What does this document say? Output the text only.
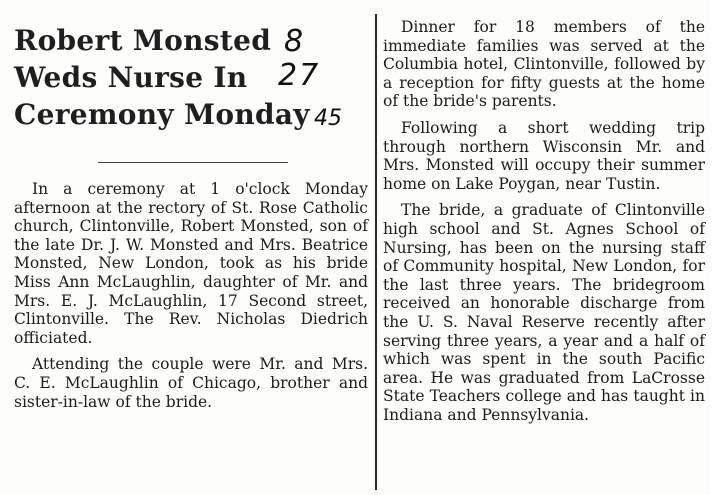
Robert Monsted
Weds Nurse In
Ceremony Monday
8
27
45

In a ceremony at 1 o'clock Monday afternoon at the rectory of St. Rose Catholic church, Clintonville, Robert Monsted, son of the late Dr. J. W. Monsted and Mrs. Beatrice Monsted, New London, took as his bride Miss Ann McLaughlin, daughter of Mr. and Mrs. E. J. McLaughlin, 17 Second street, Clintonville. The Rev. Nicholas Diedrich officiated.

Attending the couple were Mr. and Mrs. C. E. McLaughlin of Chicago, brother and sister-in-law of the bride.

Dinner for 18 members of the immediate families was served at the Columbia hotel, Clintonville, followed by a reception for fifty guests at the home of the bride's parents.

Following a short wedding trip through northern Wisconsin Mr. and Mrs. Monsted will occupy their summer home on Lake Poygan, near Tustin.

The bride, a graduate of Clintonville high school and St. Agnes School of Nursing, has been on the nursing staff of Community hospital, New London, for the last three years. The bridegroom received an honorable discharge from the U. S. Naval Reserve recently after serving three years, a year and a half of which was spent in the south Pacific area. He was graduated from LaCrosse State Teachers college and has taught in Indiana and Pennsylvania.
